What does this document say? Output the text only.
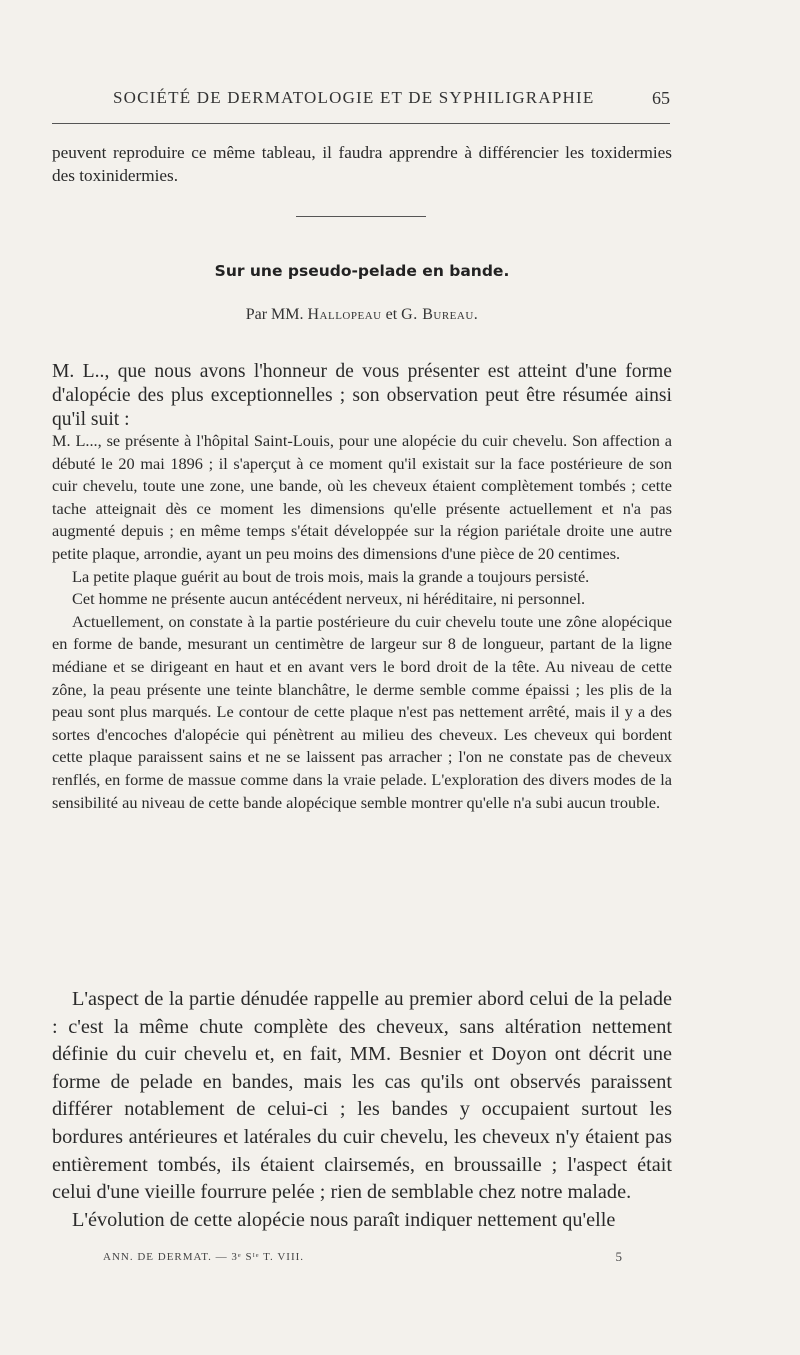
SOCIÉTÉ DE DERMATOLOGIE ET DE SYPHILIGRAPHIE	65

peuvent reproduire ce même tableau, il faudra apprendre à différencier les toxidermies des toxinidermies.

Sur une pseudo-pelade en bande.
Par MM. Hallopeau et G. Bureau.

M. L.., que nous avons l'honneur de vous présenter est atteint d'une forme d'alopécie des plus exceptionnelles ; son observation peut être résumée ainsi qu'il suit :

M. L..., se présente à l'hôpital Saint-Louis, pour une alopécie du cuir chevelu. Son affection a débuté le 20 mai 1896 ; il s'aperçut à ce moment qu'il existait sur la face postérieure de son cuir chevelu, toute une zone, une bande, où les cheveux étaient complètement tombés ; cette tache atteignait dès ce moment les dimensions qu'elle présente actuellement et n'a pas augmenté depuis ; en même temps s'était développée sur la région pariétale droite une autre petite plaque, arrondie, ayant un peu moins des dimensions d'une pièce de 20 centimes.

La petite plaque guérit au bout de trois mois, mais la grande a toujours persisté.

Cet homme ne présente aucun antécédent nerveux, ni héréditaire, ni personnel.

Actuellement, on constate à la partie postérieure du cuir chevelu toute une zône alopécique en forme de bande, mesurant un centimètre de largeur sur 8 de longueur, partant de la ligne médiane et se dirigeant en haut et en avant vers le bord droit de la tête. Au niveau de cette zône, la peau présente une teinte blanchâtre, le derme semble comme épaissi ; les plis de la peau sont plus marqués. Le contour de cette plaque n'est pas nettement arrêté, mais il y a des sortes d'encoches d'alopécie qui pénètrent au milieu des cheveux. Les cheveux qui bordent cette plaque paraissent sains et ne se laissent pas arracher ; l'on ne constate pas de cheveux renflés, en forme de massue comme dans la vraie pelade. L'exploration des divers modes de la sensibilité au niveau de cette bande alopécique semble montrer qu'elle n'a subi aucun trouble.

L'aspect de la partie dénudée rappelle au premier abord celui de la pelade : c'est la même chute complète des cheveux, sans altération nettement définie du cuir chevelu et, en fait, MM. Besnier et Doyon ont décrit une forme de pelade en bandes, mais les cas qu'ils ont observés paraissent différer notablement de celui-ci ; les bandes y occupaient surtout les bordures antérieures et latérales du cuir chevelu, les cheveux n'y étaient pas entièrement tombés, ils étaient clairsemés, en broussaille ; l'aspect était celui d'une vieille fourrure pelée ; rien de semblable chez notre malade.

L'évolution de cette alopécie nous paraît indiquer nettement qu'elle

ANN. DE DERMAT. — 3ᵉ Sᴵᵉ T. VIII.	5
